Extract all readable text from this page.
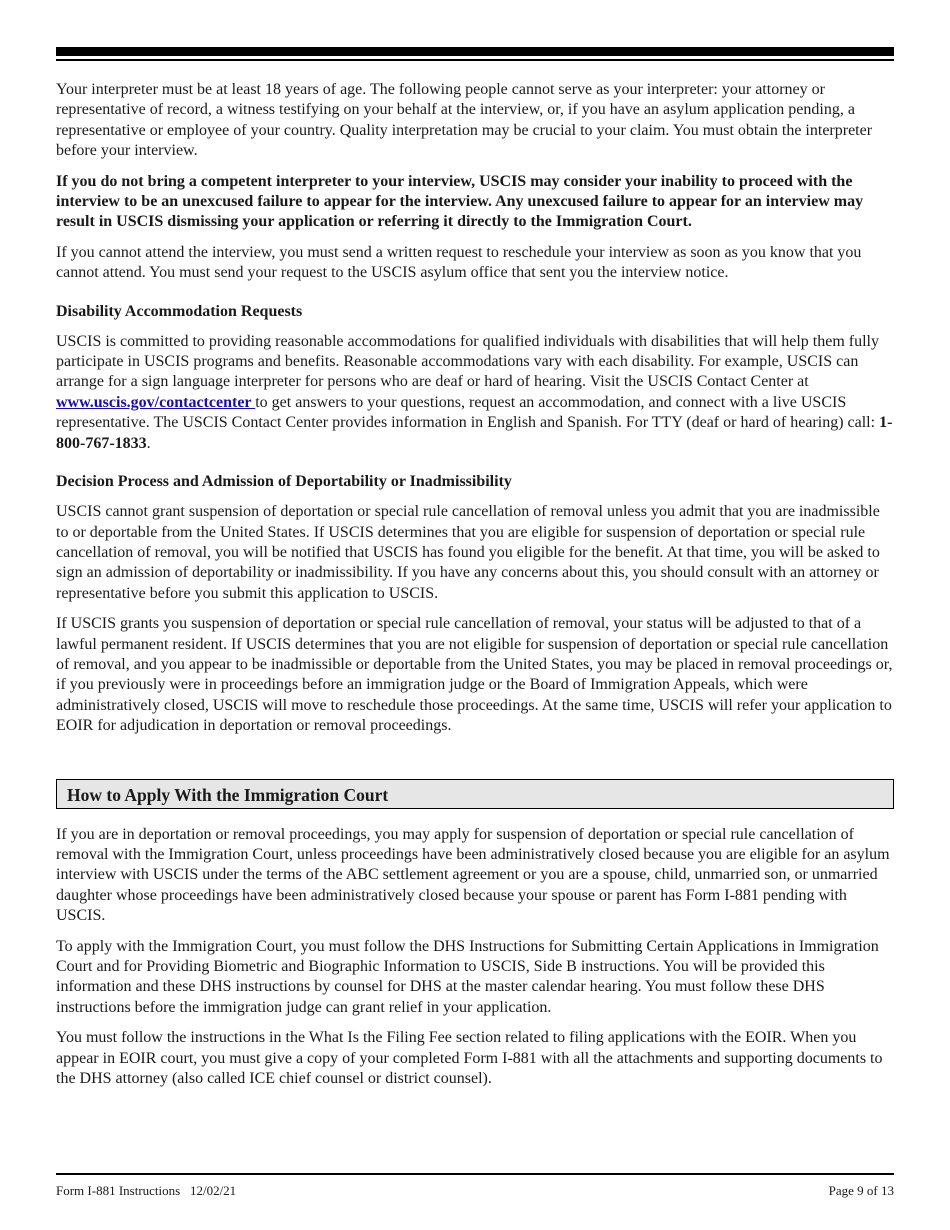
Your interpreter must be at least 18 years of age. The following people cannot serve as your interpreter: your attorney or representative of record, a witness testifying on your behalf at the interview, or, if you have an asylum application pending, a representative or employee of your country. Quality interpretation may be crucial to your claim. You must obtain the interpreter before your interview.

If you do not bring a competent interpreter to your interview, USCIS may consider your inability to proceed with the interview to be an unexcused failure to appear for the interview. Any unexcused failure to appear for an interview may result in USCIS dismissing your application or referring it directly to the Immigration Court.

If you cannot attend the interview, you must send a written request to reschedule your interview as soon as you know that you cannot attend. You must send your request to the USCIS asylum office that sent you the interview notice.

Disability Accommodation Requests

USCIS is committed to providing reasonable accommodations for qualified individuals with disabilities that will help them fully participate in USCIS programs and benefits. Reasonable accommodations vary with each disability. For example, USCIS can arrange for a sign language interpreter for persons who are deaf or hard of hearing. Visit the USCIS Contact Center at www.uscis.gov/contactcenter to get answers to your questions, request an accommodation, and connect with a live USCIS representative. The USCIS Contact Center provides information in English and Spanish. For TTY (deaf or hard of hearing) call: 1-800-767-1833.

Decision Process and Admission of Deportability or Inadmissibility

USCIS cannot grant suspension of deportation or special rule cancellation of removal unless you admit that you are inadmissible to or deportable from the United States. If USCIS determines that you are eligible for suspension of deportation or special rule cancellation of removal, you will be notified that USCIS has found you eligible for the benefit. At that time, you will be asked to sign an admission of deportability or inadmissibility. If you have any concerns about this, you should consult with an attorney or representative before you submit this application to USCIS.

If USCIS grants you suspension of deportation or special rule cancellation of removal, your status will be adjusted to that of a lawful permanent resident. If USCIS determines that you are not eligible for suspension of deportation or special rule cancellation of removal, and you appear to be inadmissible or deportable from the United States, you may be placed in removal proceedings or, if you previously were in proceedings before an immigration judge or the Board of Immigration Appeals, which were administratively closed, USCIS will move to reschedule those proceedings. At the same time, USCIS will refer your application to EOIR for adjudication in deportation or removal proceedings.

How to Apply With the Immigration Court

If you are in deportation or removal proceedings, you may apply for suspension of deportation or special rule cancellation of removal with the Immigration Court, unless proceedings have been administratively closed because you are eligible for an asylum interview with USCIS under the terms of the ABC settlement agreement or you are a spouse, child, unmarried son, or unmarried daughter whose proceedings have been administratively closed because your spouse or parent has Form I-881 pending with USCIS.

To apply with the Immigration Court, you must follow the DHS Instructions for Submitting Certain Applications in Immigration Court and for Providing Biometric and Biographic Information to USCIS, Side B instructions. You will be provided this information and these DHS instructions by counsel for DHS at the master calendar hearing. You must follow these DHS instructions before the immigration judge can grant relief in your application.

You must follow the instructions in the What Is the Filing Fee section related to filing applications with the EOIR. When you appear in EOIR court, you must give a copy of your completed Form I-881 with all the attachments and supporting documents to the DHS attorney (also called ICE chief counsel or district counsel).

Form I-881 Instructions   12/02/21	Page 9 of 13
